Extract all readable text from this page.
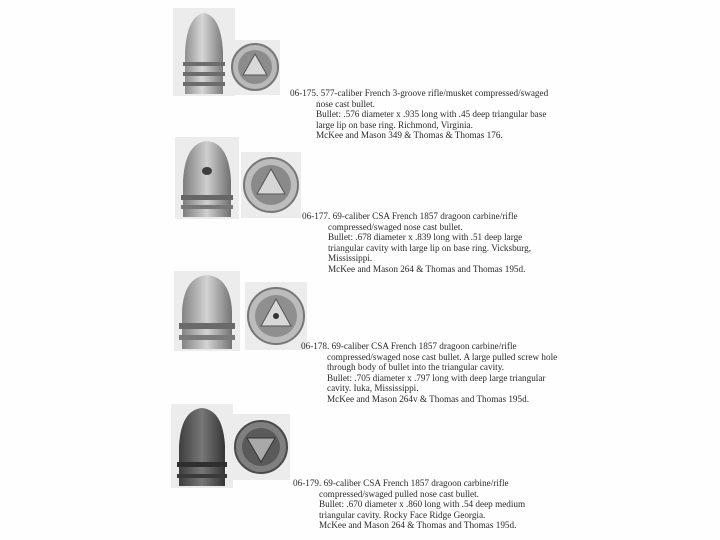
06-175. 577-caliber French 3-groove rifle/musket compressed/swaged
nose cast bullet.
Bullet: .576 diameter x .935 long with .45 deep triangular base
large lip on base ring. Richmond, Virginia.
McKee and Mason 349 & Thomas & Thomas 176.
06-177. 69-caliber CSA French 1857 dragoon carbine/rifle
compressed/swaged nose cast bullet.
Bullet: .678 diameter x .839 long with .51 deep large
triangular cavity with large lip on base ring. Vicksburg,
Mississippi.
McKee and Mason 264 & Thomas and Thomas 195d.
06-178. 69-caliber CSA French 1857 dragoon carbine/rifle
compressed/swaged nose cast bullet. A large pulled screw hole
through body of bullet into the triangular cavity.
Bullet: .705 diameter x .797 long with deep large triangular
cavity. Iuka, Mississippi.
McKee and Mason 264v & Thomas and Thomas 195d.
06-179. 69-caliber CSA French 1857 dragoon carbine/rifle
compressed/swaged pulled nose cast bullet.
Bullet: .670 diameter x .860 long with .54 deep medium
triangular cavity. Rocky Face Ridge Georgia.
McKee and Mason 264 & Thomas and Thomas 195d.
